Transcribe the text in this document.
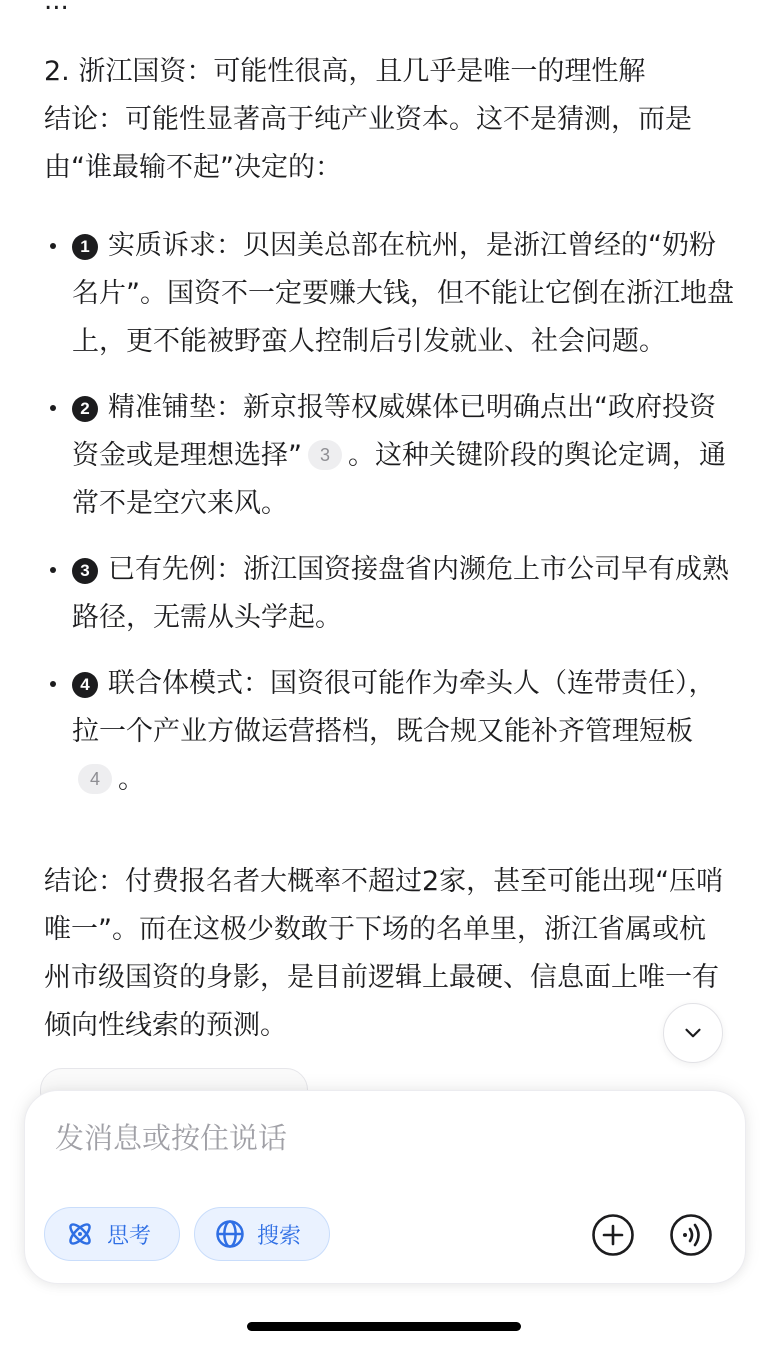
...

2. 浙江国资：可能性很高，且几乎是唯一的理性解

结论：可能性显著高于纯产业资本。这不是猜测，而是由“谁最输不起”决定的：

1 实质诉求：贝因美总部在杭州，是浙江曾经的“奶粉名片”。国资不一定要赚大钱，但不能让它倒在浙江地盘上，更不能被野蛮人控制后引发就业、社会问题。
2 精准铺垫：新京报等权威媒体已明确点出“政府投资资金或是理想选择” 3 。这种关键阶段的舆论定调，通常不是空穴来风。
3 已有先例：浙江国资接盘省内濒危上市公司早有成熟路径，无需从头学起。
4 联合体模式：国资很可能作为牵头人（连带责任），拉一个产业方做运营搭档，既合规又能补齐管理短板4 。

结论：付费报名者大概率不超过2家，甚至可能出现“压哨唯一”。而在这极少数敢于下场的名单里，浙江省属或杭州市级国资的身影，是目前逻辑上最硬、信息面上唯一有倾向性线索的预测。

发消息或按住说话
思考	搜索
